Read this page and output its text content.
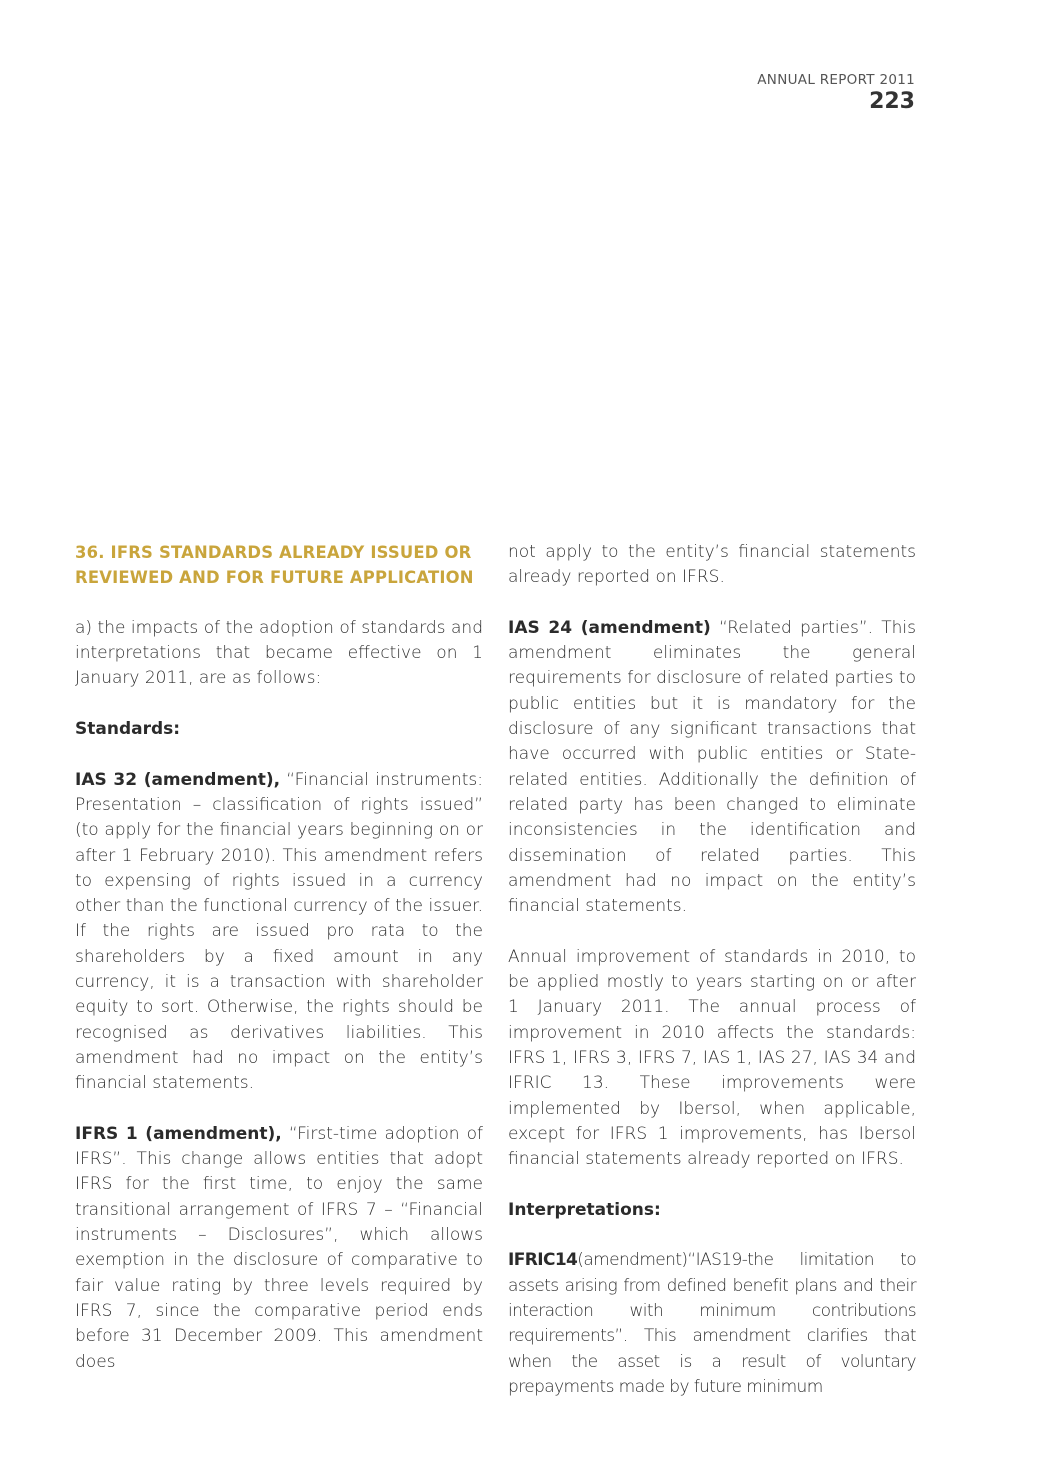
ANNUAL REPORT 2011
223
36. IFRS STANDARDS ALREADY ISSUED OR REVIEWED AND FOR FUTURE APPLICATION

a) the impacts of the adoption of standards and interpretations that became effective on 1 January 2011, are as follows:

Standards:

IAS 32 (amendment), “Financial instruments: Presentation – classification of rights issued” (to apply for the financial years beginning on or after 1 February 2010). This amendment refers to expensing of rights issued in a currency other than the functional currency of the issuer. If the rights are issued pro rata to the shareholders by a fixed amount in any currency, it is a transaction with shareholder equity to sort. Otherwise, the rights should be recognised as derivatives liabilities. This amendment had no impact on the entity’s financial statements.

IFRS 1 (amendment), “First-time adoption of IFRS”. This change allows entities that adopt IFRS for the first time, to enjoy the same transitional arrangement of IFRS 7 – “Financial instruments – Disclosures”, which allows exemption in the disclosure of comparative to fair value rating by three levels required by IFRS 7, since the comparative period ends before 31 December 2009. This amendment does

not apply to the entity’s financial statements already reported on IFRS.

IAS 24 (amendment) “Related parties”. This amendment eliminates the general requirements for disclosure of related parties to public entities but it is mandatory for the disclosure of any significant transactions that have occurred with public entities or State-related entities. Additionally the definition of related party has been changed to eliminate inconsistencies in the identification and dissemination of related parties. This amendment had no impact on the entity’s financial statements.

Annual improvement of standards in 2010, to be applied mostly to years starting on or after 1 January 2011. The annual process of improvement in 2010 affects the standards: IFRS 1, IFRS 3, IFRS 7, IAS 1, IAS 27, IAS 34 and IFRIC 13. These improvements were implemented by Ibersol, when applicable, except for IFRS 1 improvements, has Ibersol financial statements already reported on IFRS.

Interpretations:

IFRIC14(amendment)“IAS19-the limitation to assets arising from defined benefit plans and their interaction with minimum contributions requirements”. This amendment clarifies that when the asset is a result of voluntary prepayments made by future minimum
